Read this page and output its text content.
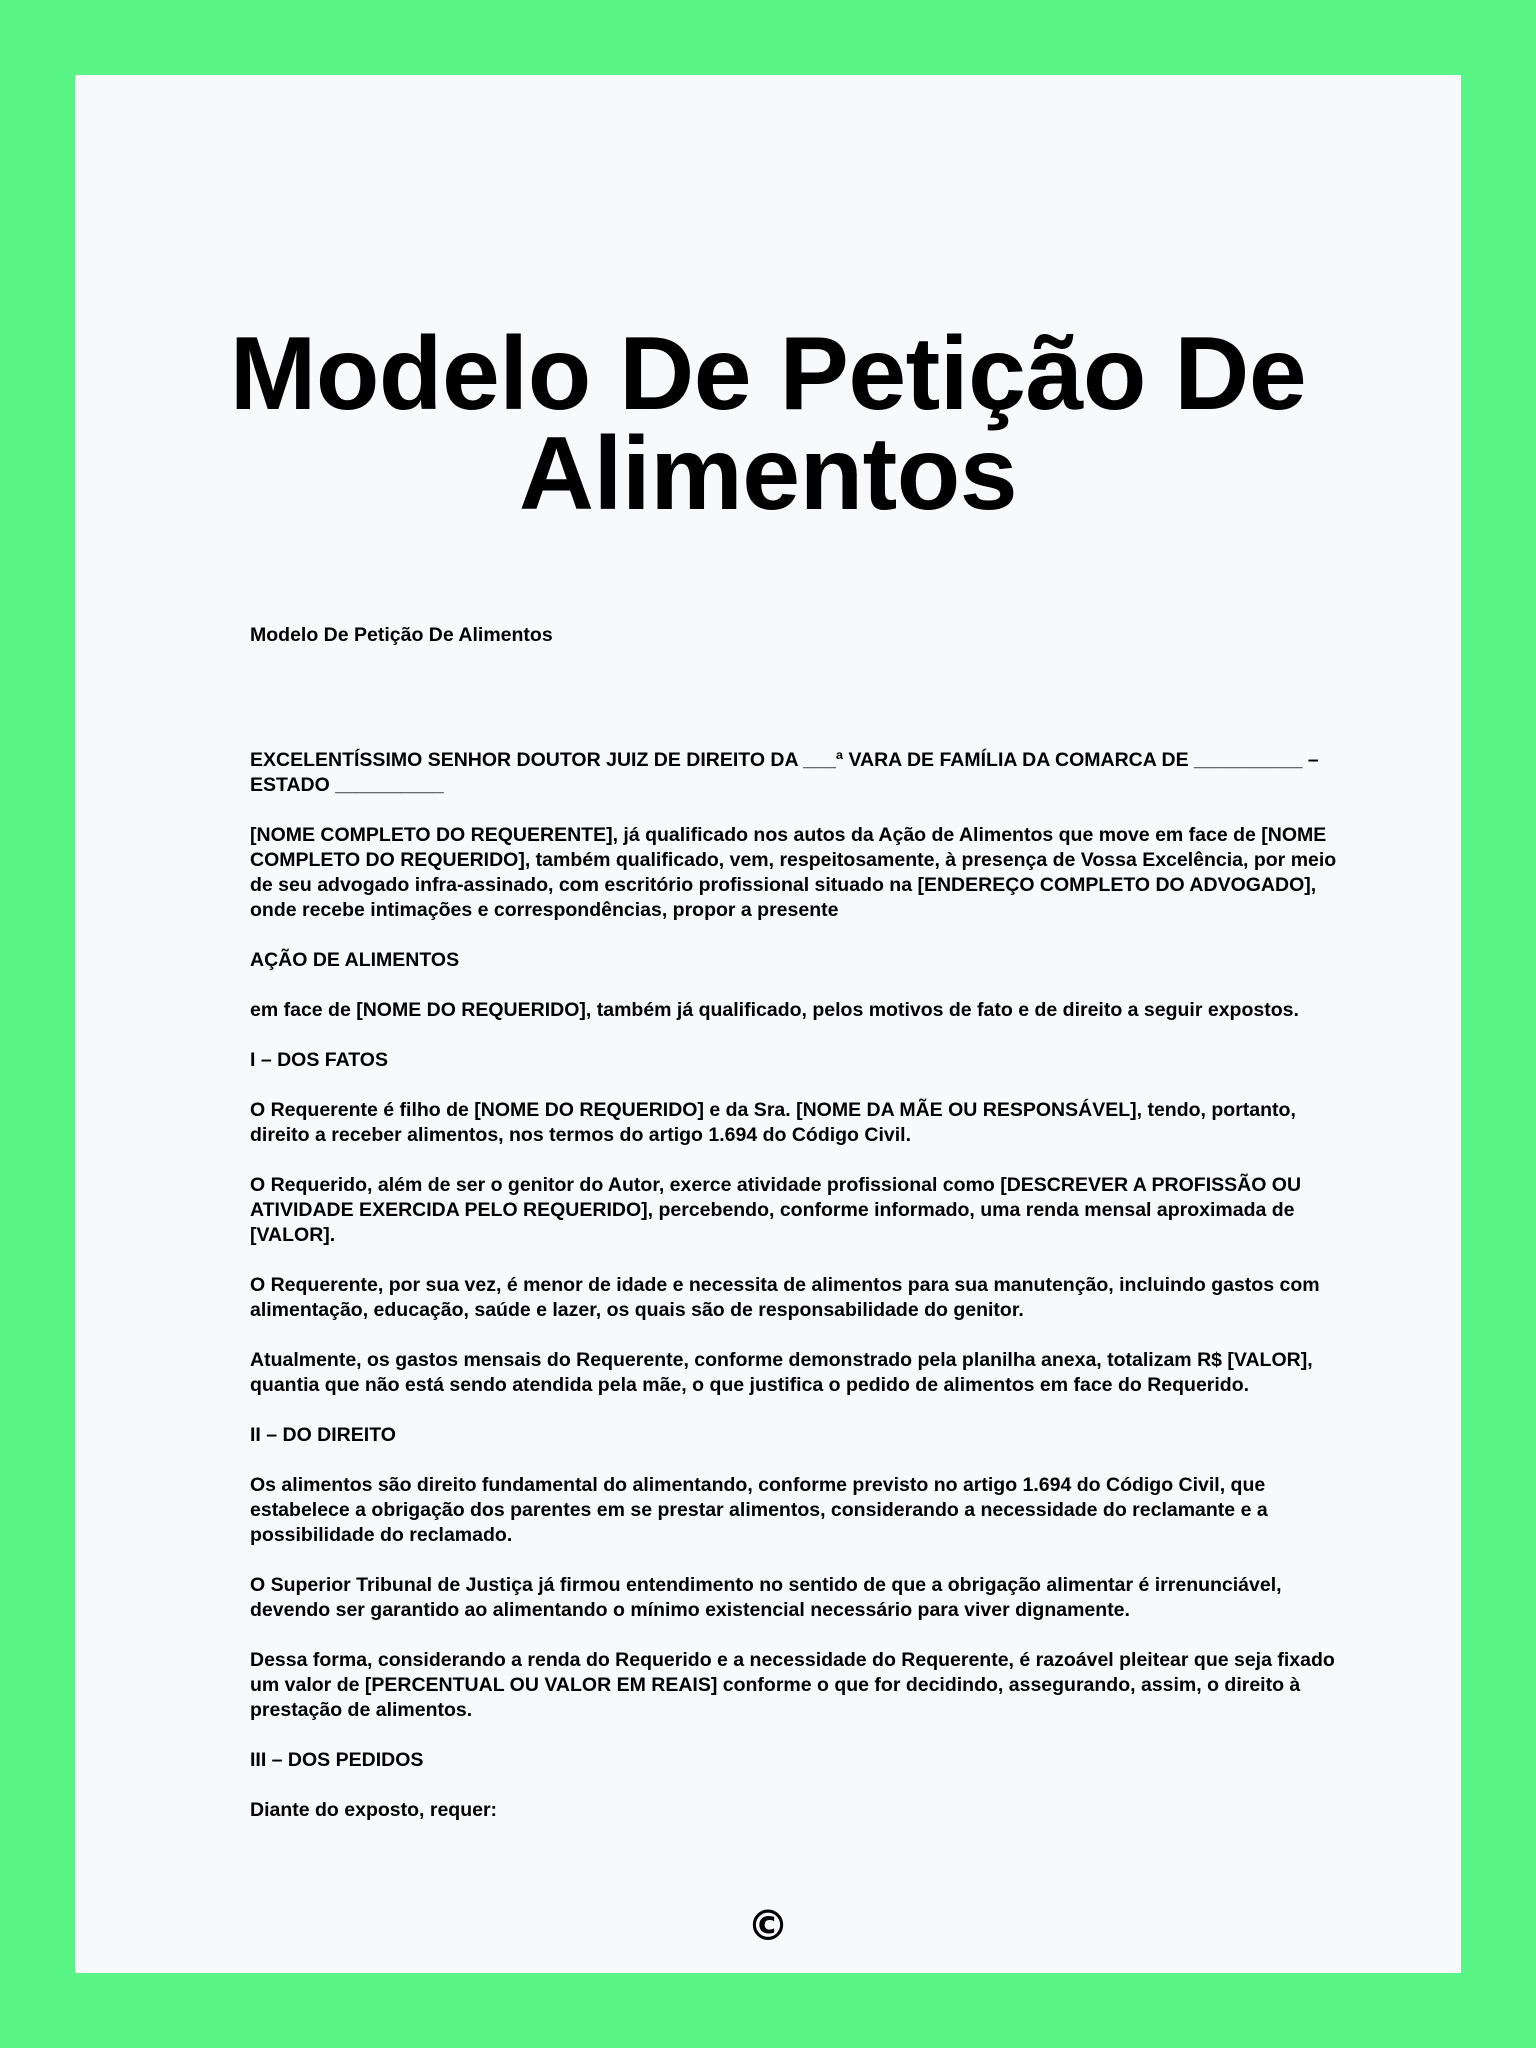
Modelo De Petição De Alimentos

Modelo De Petição De Alimentos

EXCELENTÍSSIMO SENHOR DOUTOR JUIZ DE DIREITO DA ___ª VARA DE FAMÍLIA DA COMARCA DE __________ – ESTADO __________

[NOME COMPLETO DO REQUERENTE], já qualificado nos autos da Ação de Alimentos que move em face de [NOME COMPLETO DO REQUERIDO], também qualificado, vem, respeitosamente, à presença de Vossa Excelência, por meio de seu advogado infra-assinado, com escritório profissional situado na [ENDEREÇO COMPLETO DO ADVOGADO], onde recebe intimações e correspondências, propor a presente

AÇÃO DE ALIMENTOS

em face de [NOME DO REQUERIDO], também já qualificado, pelos motivos de fato e de direito a seguir expostos.

I – DOS FATOS

O Requerente é filho de [NOME DO REQUERIDO] e da Sra. [NOME DA MÃE OU RESPONSÁVEL], tendo, portanto, direito a receber alimentos, nos termos do artigo 1.694 do Código Civil.

O Requerido, além de ser o genitor do Autor, exerce atividade profissional como [DESCREVER A PROFISSÃO OU ATIVIDADE EXERCIDA PELO REQUERIDO], percebendo, conforme informado, uma renda mensal aproximada de [VALOR].

O Requerente, por sua vez, é menor de idade e necessita de alimentos para sua manutenção, incluindo gastos com alimentação, educação, saúde e lazer, os quais são de responsabilidade do genitor.

Atualmente, os gastos mensais do Requerente, conforme demonstrado pela planilha anexa, totalizam R$ [VALOR], quantia que não está sendo atendida pela mãe, o que justifica o pedido de alimentos em face do Requerido.

II – DO DIREITO

Os alimentos são direito fundamental do alimentando, conforme previsto no artigo 1.694 do Código Civil, que estabelece a obrigação dos parentes em se prestar alimentos, considerando a necessidade do reclamante e a possibilidade do reclamado.

O Superior Tribunal de Justiça já firmou entendimento no sentido de que a obrigação alimentar é irrenunciável, devendo ser garantido ao alimentando o mínimo existencial necessário para viver dignamente.

Dessa forma, considerando a renda do Requerido e a necessidade do Requerente, é razoável pleitear que seja fixado um valor de [PERCENTUAL OU VALOR EM REAIS] conforme o que for decidindo, assegurando, assim, o direito à prestação de alimentos.

III – DOS PEDIDOS

Diante do exposto, requer:

©
